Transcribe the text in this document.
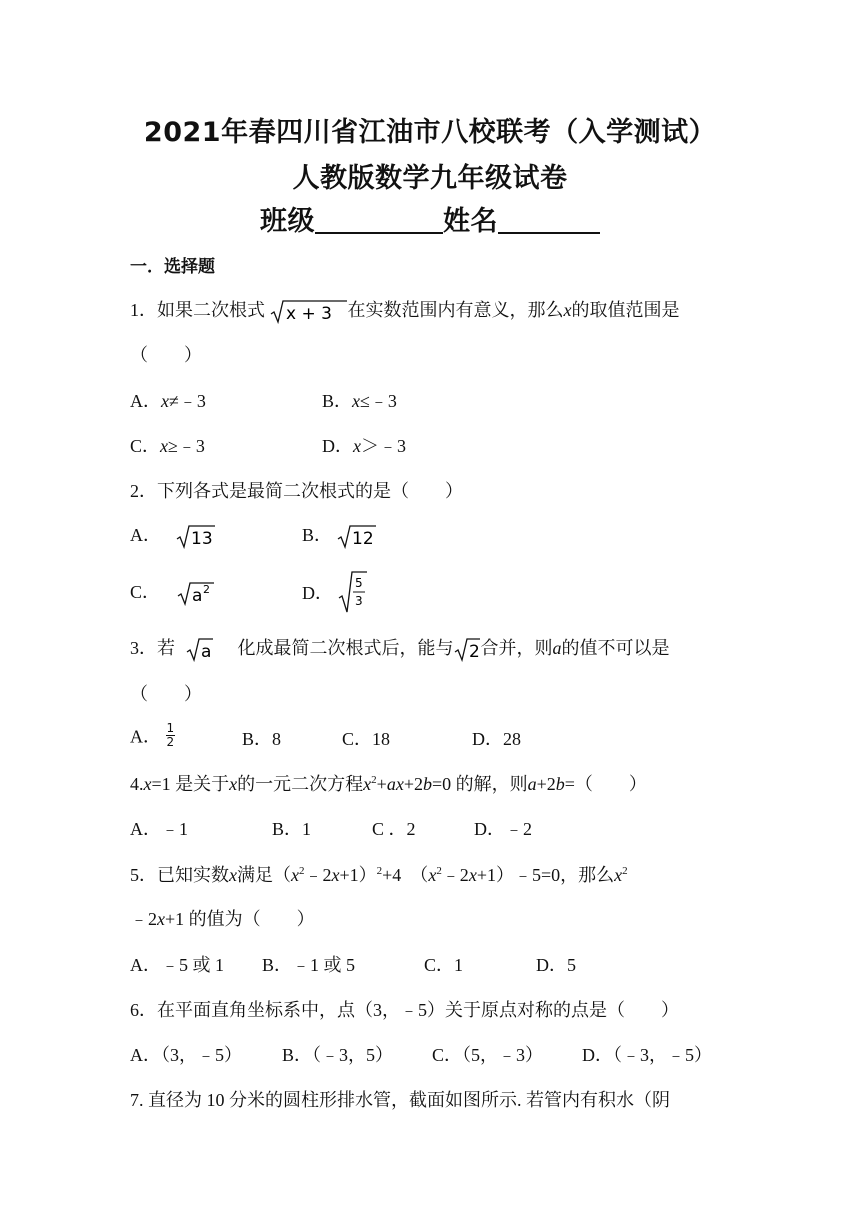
2021年春四川省江油市八校联考（入学测试）
人教版数学九年级试卷
班级	姓名
一．选择题
1．如果二次根式 x + 3 在实数范围内有意义，那么x的取值范围是
（　　）
A．x≠﹣3	B．x≤﹣3
C．x≥﹣3	D．x＞﹣3
2．下列各式是最简二次根式的是（　　）
A． 13	B． 12
C． a 2	D． 5
3
3．若 a 化成最简二次根式后，能与 2 合并，则a的值不可以是
（　　）
A． $\frac{1}{2}$	B．8	C．18	D．28
4.x=1 是关于x的一元二次方程$x^2+ax+2b=0$ 的解，则a+2b=（　　）
A．﹣1	B．1	C ．2	D．﹣2
5．已知实数x满足$(x^2﹣2x+1)^2+4$　$(x^2﹣2x+1)﹣5=0$，那么$x^2$
﹣2x+1 的值为（　　）
A．﹣5 或 1 B．﹣1 或 5	C．1	D．5
6．在平面直角坐标系中，点（3，﹣5）关于原点对称的点是（　　）
A．（3，﹣5） B．（﹣3，5） C．（5，﹣3） D．（﹣3，﹣5）
7. 直径为 10 分米的圆柱形排水管，截面如图所示. 若管内有积水（阴
